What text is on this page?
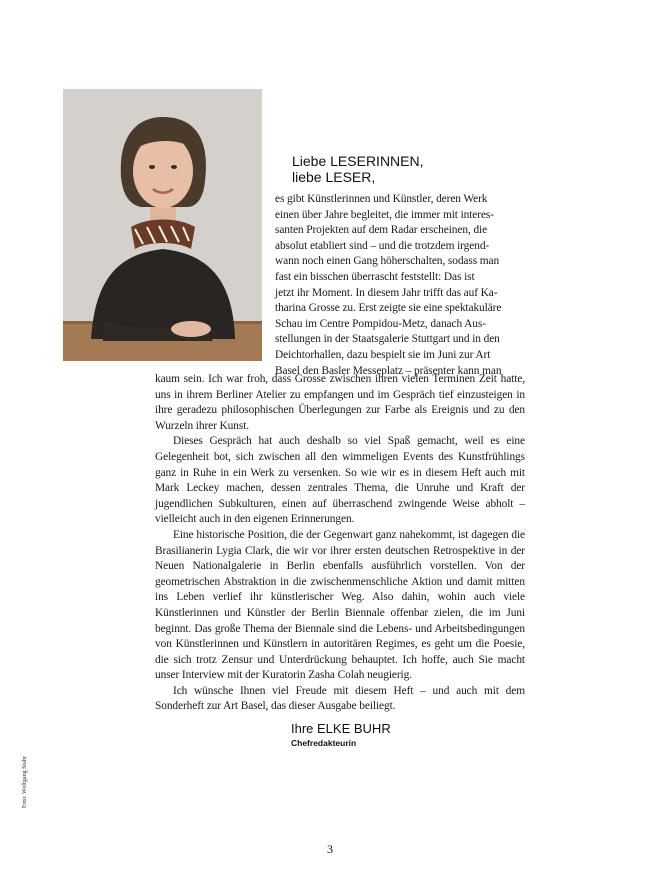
Liebe LESERINNEN,
liebe LESER,
es gibt Künstlerinnen und Künstler, deren Werk
einen über Jahre begleitet, die immer mit interes-
santen Projekten auf dem Radar erscheinen, die
absolut etabliert sind – und die trotzdem irgend-
wann noch einen Gang höherschalten, sodass man
fast ein bisschen überrascht feststellt: Das ist
jetzt ihr Moment. In diesem Jahr trifft das auf Ka-
tharina Grosse zu. Erst zeigte sie eine spektakuläre
Schau im Centre Pompidou-Metz, danach Aus-
stellungen in der Staatsgalerie Stuttgart und in den
Deichtorhallen, dazu bespielt sie im Juni zur Art
Basel den Basler Messeplatz – präsenter kann man

kaum sein. Ich war froh, dass Grosse zwischen ihren vielen Terminen Zeit hatte, uns in ihrem Berliner Atelier zu empfangen und im Gespräch tief einzusteigen in ihre geradezu philosophischen Überlegungen zur Farbe als Ereignis und zu den Wurzeln ihrer Kunst.

Dieses Gespräch hat auch deshalb so viel Spaß gemacht, weil es eine Gelegenheit bot, sich zwischen all den wimmeligen Events des Kunstfrühlings ganz in Ruhe in ein Werk zu versenken. So wie wir es in diesem Heft auch mit Mark Leckey machen, dessen zentrales Thema, die Unruhe und Kraft der jugendlichen Subkulturen, einen auf überraschend zwingende Weise abholt – vielleicht auch in den eigenen Erinnerungen.

Eine historische Position, die der Gegenwart ganz nahekommt, ist dagegen die Brasilianerin Lygia Clark, die wir vor ihrer ersten deutschen Retrospektive in der Neuen Nationalgalerie in Berlin ebenfalls ausführlich vorstellen. Von der geometrischen Abstraktion in die zwischenmenschliche Aktion und damit mitten ins Leben verlief ihr künstlerischer Weg. Also dahin, wohin auch viele Künstlerinnen und Künstler der Berlin Biennale offenbar zielen, die im Juni beginnt. Das große Thema der Biennale sind die Lebens- und Arbeitsbedingungen von Künstlerinnen und Künstlern in autoritären Regimes, es geht um die Poesie, die sich trotz Zensur und Unterdrückung behauptet. Ich hoffe, auch Sie macht unser Interview mit der Kuratorin Zasha Colah neugierig.

Ich wünsche Ihnen viel Freude mit diesem Heft – und auch mit dem Sonderheft zur Art Basel, das dieser Ausgabe beiliegt.

Ihre ELKE BUHR
Chefredakteurin
Foto: Wolfgang Stahr
3
